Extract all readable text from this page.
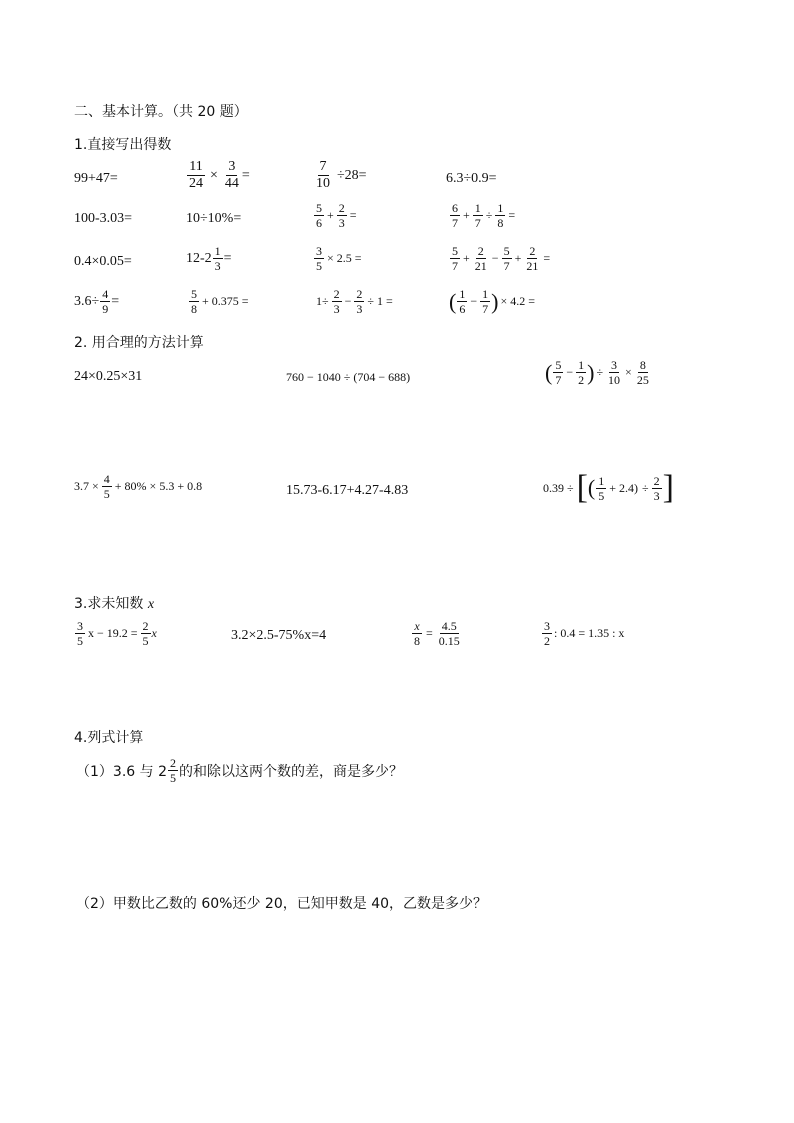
二、基本计算。（共 20 题）
1.直接写出得数
99+47=	$\frac{11}{24} \times \frac{3}{44}$ =	$\frac{7}{10} \div 28=$	6.3÷0.9=
100-3.03=	10÷10%=	$\frac{5}{6} + \frac{2}{3}$ =	$\frac{6}{7} + \frac{1}{7} \div \frac{1}{8}$ =
0.4×0.05=	$12-2 \frac{1}{3}$ =	$\frac{3}{5} \times 2.5$ =	$\frac{5}{7} + \frac{2}{21} - \frac{5}{7} + \frac{2}{21}$ =
$3.6\div \frac{4}{9}$ =	$\frac{5}{8} + 0.375$ =	$1\div \frac{2}{3} - \frac{2}{3} \div 1$ =	( $\frac{1}{6} - \frac{1}{7}$ ) × 4.2 =
2. 用合理的方法计算
24×0.25×31	760 − 1040 ÷ (704 − 688)	( $\frac{5}{7} - \frac{1}{2}$ ) ÷ $\frac{3}{10} \times \frac{8}{25}$
$3.7 \times \frac{4}{5} + 80\% \times 5.3 + 0.8$	15.73-6.17+4.27-4.83	0.39 ÷ [ ( $\frac{1}{5} + 2.4) \div \frac{2}{3}$ ]
3.求未知数 x
$\frac{3}{5}$ $x - 19.2 = \frac{2}{5}$ x	3.2×2.5-75%x=4	$\frac{x}{8} = \frac{4.5}{0.15}$	$\frac{3}{2}$ : 0.4 = 1.35 : x
4.列式计算
（1）3.6 与 $2 \frac{2}{5}$ 的和除以这两个数的差，商是多少？
（2）甲数比乙数的 60%还少 20，已知甲数是 40，乙数是多少？
